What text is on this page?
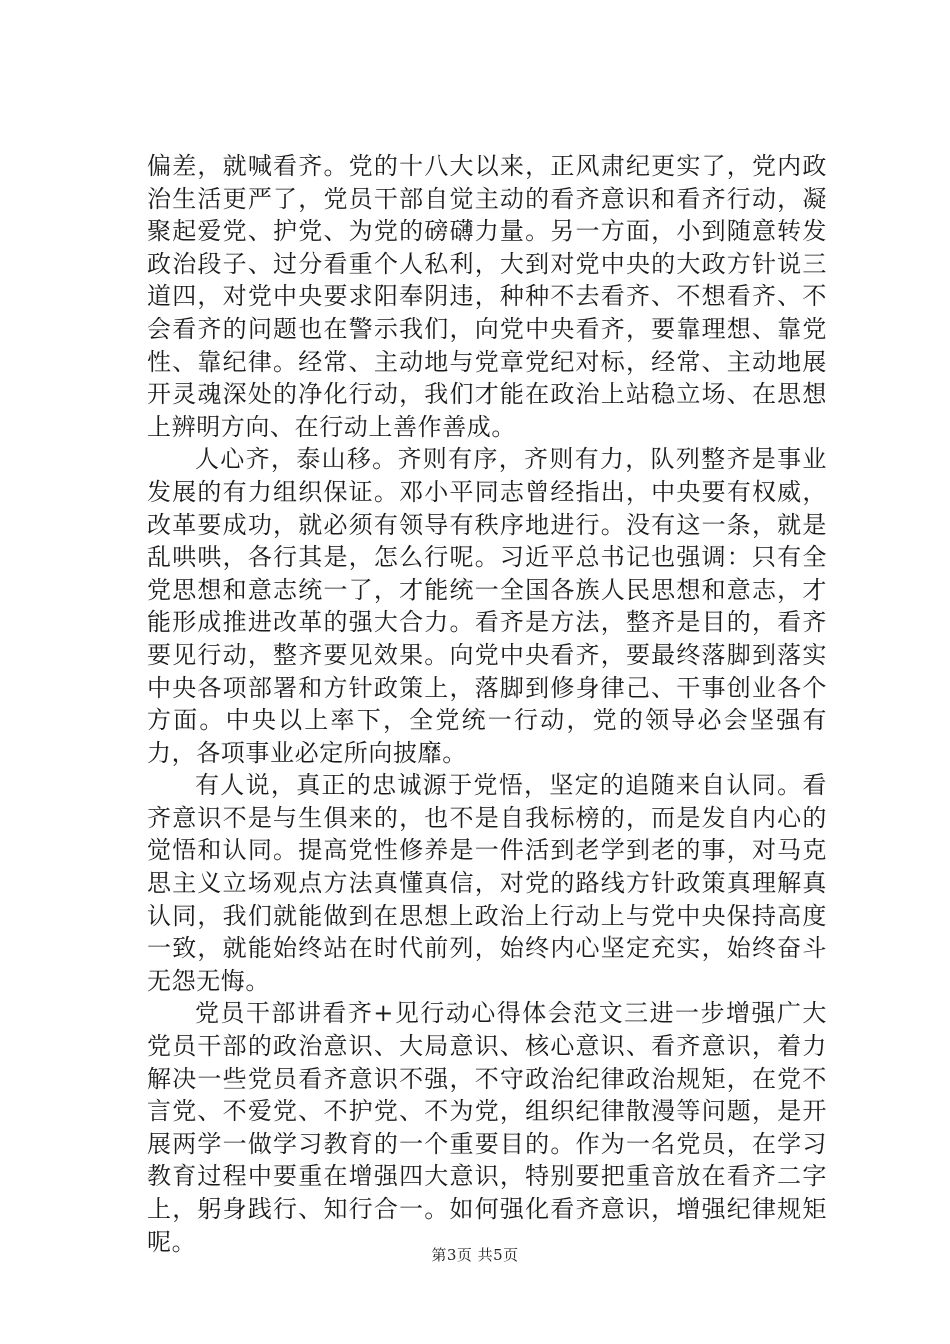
偏差，就喊看齐。党的十八大以来，正风肃纪更实了，党内政治生活更严了，党员干部自觉主动的看齐意识和看齐行动，凝聚起爱党、护党、为党的磅礴力量。另一方面，小到随意转发政治段子、过分看重个人私利，大到对党中央的大政方针说三道四，对党中央要求阳奉阴违，种种不去看齐、不想看齐、不会看齐的问题也在警示我们，向党中央看齐，要靠理想、靠党性、靠纪律。经常、主动地与党章党纪对标，经常、主动地展开灵魂深处的净化行动，我们才能在政治上站稳立场、在思想上辨明方向、在行动上善作善成。

人心齐，泰山移。齐则有序，齐则有力，队列整齐是事业发展的有力组织保证。邓小平同志曾经指出，中央要有权威，改革要成功，就必须有领导有秩序地进行。没有这一条，就是乱哄哄，各行其是，怎么行呢。习近平总书记也强调：只有全党思想和意志统一了，才能统一全国各族人民思想和意志，才能形成推进改革的强大合力。看齐是方法，整齐是目的，看齐要见行动，整齐要见效果。向党中央看齐，要最终落脚到落实中央各项部署和方针政策上，落脚到修身律己、干事创业各个方面。中央以上率下，全党统一行动，党的领导必会坚强有力，各项事业必定所向披靡。

有人说，真正的忠诚源于党悟，坚定的追随来自认同。看齐意识不是与生俱来的，也不是自我标榜的，而是发自内心的觉悟和认同。提高党性修养是一件活到老学到老的事，对马克思主义立场观点方法真懂真信，对党的路线方针政策真理解真认同，我们就能做到在思想上政治上行动上与党中央保持高度一致，就能始终站在时代前列，始终内心坚定充实，始终奋斗无怨无悔。

党员干部讲看齐+见行动心得体会范文三进一步增强广大党员干部的政治意识、大局意识、核心意识、看齐意识，着力解决一些党员看齐意识不强，不守政治纪律政治规矩，在党不言党、不爱党、不护党、不为党，组织纪律散漫等问题，是开展两学一做学习教育的一个重要目的。作为一名党员，在学习教育过程中要重在增强四大意识，特别要把重音放在看齐二字上，躬身践行、知行合一。如何强化看齐意识，增强纪律规矩呢。	第3页 共5页
